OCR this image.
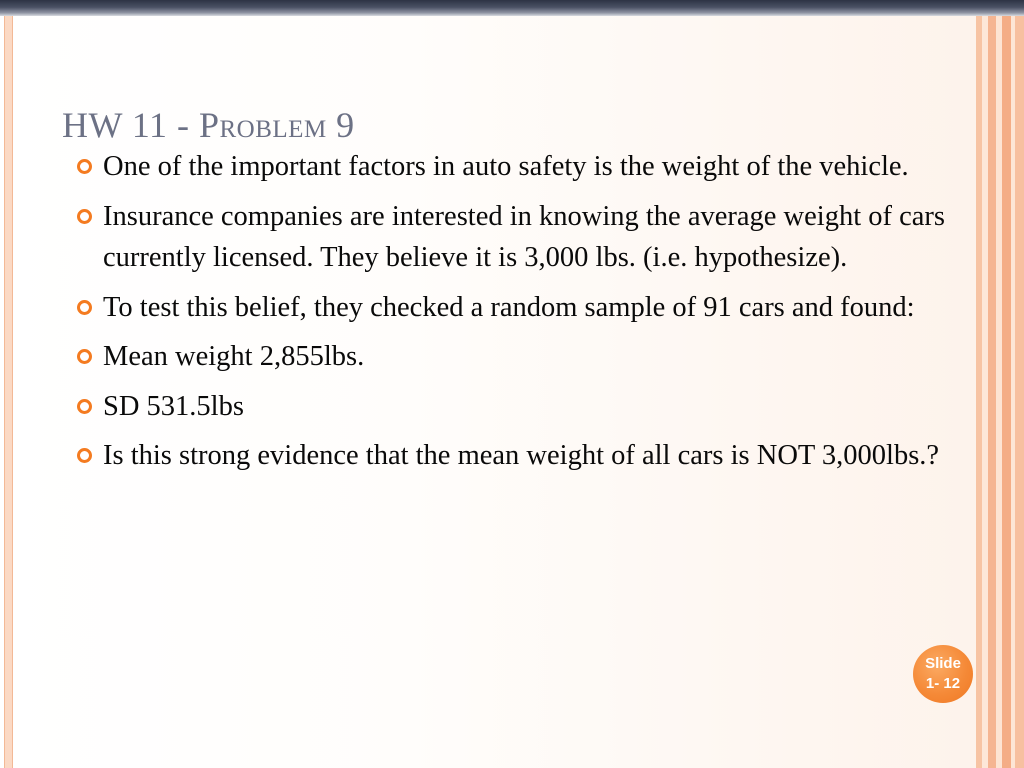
HW 11 - Problem 9
One of the important factors in auto safety is the weight of the vehicle.
Insurance companies are interested in knowing the average weight of cars currently licensed. They believe it is 3,000 lbs. (i.e. hypothesize).
To test this belief, they checked a random sample of 91 cars and found:
Mean weight 2,855lbs.
SD 531.5lbs
Is this strong evidence that the mean weight of all cars is NOT 3,000lbs.?
Slide
1- 12
